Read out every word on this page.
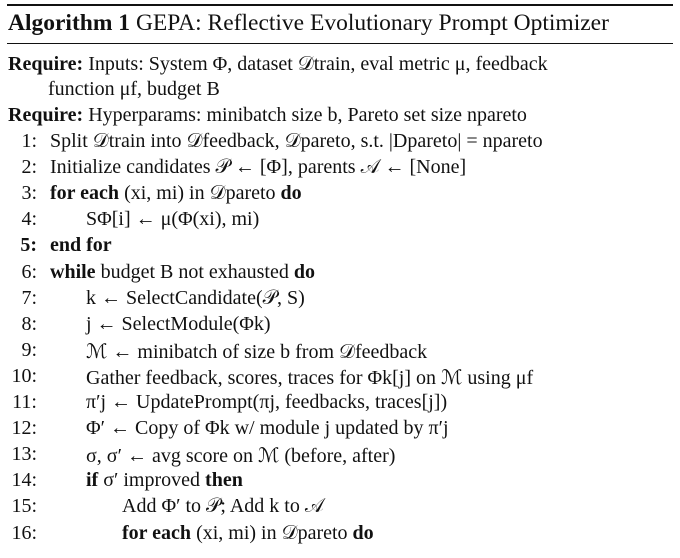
Algorithm 1 GEPA: Reflective Evolutionary Prompt Optimizer
Require: Inputs: System Φ, dataset 𝒟train, eval metric μ, feedback
function μf, budget B
Require: Hyperparams: minibatch size b, Pareto set size npareto
1: Split 𝒟train into 𝒟feedback, 𝒟pareto, s.t. |Dpareto| = npareto
2: Initialize candidates 𝒫 ← [Φ], parents 𝒜 ← [None]
3: for each (xi, mi) in 𝒟pareto do
4: SΦ[i] ← μ(Φ(xi), mi)
5: end for
6: while budget B not exhausted do
7: k ← SelectCandidate(𝒫, S)
8: j ← SelectModule(Φk)
9: ℳ ← minibatch of size b from 𝒟feedback
10: Gather feedback, scores, traces for Φk[j] on ℳ using μf
11: π′j ← UpdatePrompt(πj, feedbacks, traces[j])
12: Φ′ ← Copy of Φk w/ module j updated by π′j
13: σ, σ′ ← avg score on ℳ (before, after)
14: if σ′ improved then
15:	Add Φ′ to 𝒫; Add k to 𝒜
16:	for each (xi, mi) in 𝒟pareto do
